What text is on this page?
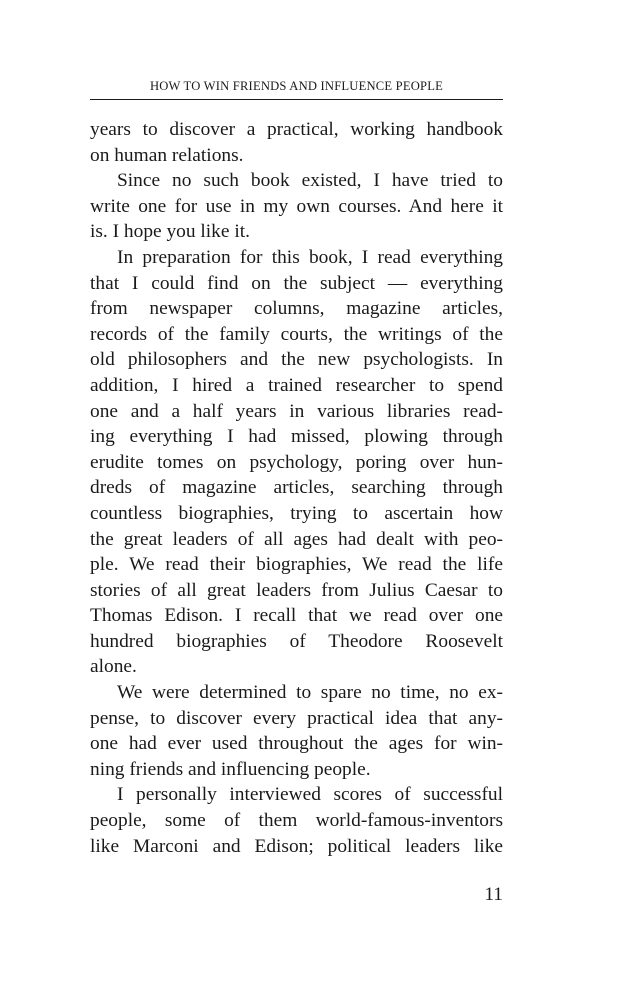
HOW TO WIN FRIENDS AND INFLUENCE PEOPLE
years to discover a practical, working handbook
on human relations.
Since no such book existed, I have tried to
write one for use in my own courses. And here it
is. I hope you like it.
In preparation for this book, I read everything
that I could find on the subject — everything
from newspaper columns, magazine articles,
records of the family courts, the writings of the
old philosophers and the new psychologists. In
addition, I hired a trained researcher to spend
one and a half years in various libraries read-
ing everything I had missed, plowing through
erudite tomes on psychology, poring over hun-
dreds of magazine articles, searching through
countless biographies, trying to ascertain how
the great leaders of all ages had dealt with peo-
ple. We read their biographies, We read the life
stories of all great leaders from Julius Caesar to
Thomas Edison. I recall that we read over one
hundred biographies of Theodore Roosevelt
alone.
We were determined to spare no time, no ex-
pense, to discover every practical idea that any-
one had ever used throughout the ages for win-
ning friends and influencing people.
I personally interviewed scores of successful
people, some of them world-famous-inventors
like Marconi and Edison; political leaders like
11
